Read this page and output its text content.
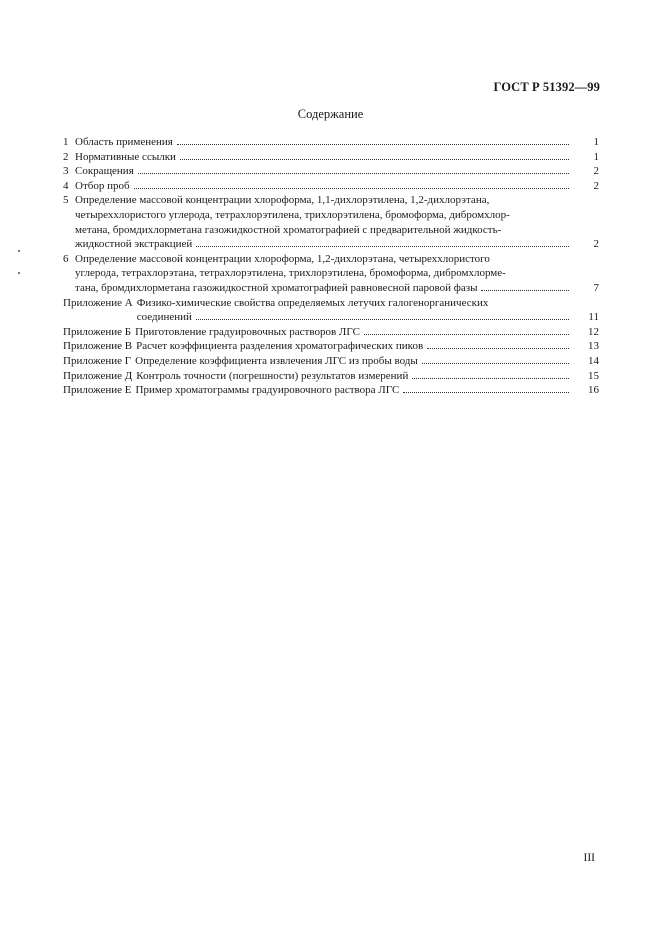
ГОСТ Р 51392—99
Содержание
1 Область применения	1
2 Нормативные ссылки	1
3 Сокращения	2
4 Отбор проб	2
5 Определение массовой концентрации хлороформа, 1,1-дихлорэтилена, 1,2-дихлорэтана,
четыреххлористого углерода, тетрахлорэтилена, трихлорэтилена, бромоформа, дибромхлор-
метана, бромдихлорметана газожидкостной хроматографией с предварительной жидкость-
жидкостной экстракцией	2
6 Определение массовой концентрации хлороформа, 1,2-дихлорэтана, четыреххлористого
углерода, тетрахлорэтана, тетрахлорэтилена, трихлорэтилена, бромоформа, дибромхлорме-
тана, бромдихлорметана газожидкостной хроматографией равновесной паровой фазы	7
Приложение А Физико-химические свойства определяемых летучих галогенорганических
соединений	11
Приложение Б Приготовление градуировочных растворов ЛГС	12
Приложение В Расчет коэффициента разделения хроматографических пиков	13
Приложение Г Определение коэффициента извлечения ЛГС из пробы воды	14
Приложение Д Контроль точности (погрешности) результатов измерений	15
Приложение Е Пример хроматограммы градуировочного раствора ЛГС	16
III
